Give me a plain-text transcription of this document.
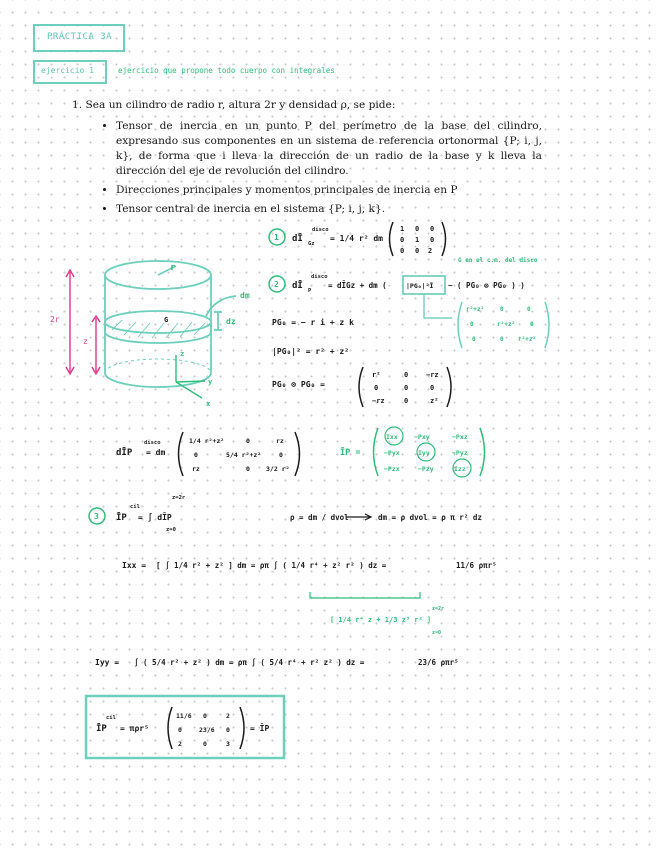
PRÁCTICA 3A
ejercicio 1	ejercicio que propone todo cuerpo con integrales

1. Sea un cilindro de radio r, altura 2r y densidad ρ, se pide:

• Tensor de inercia en un punto P del perímetro de la base del cilindro, expresando sus componentes en un sistema de referencia ortonormal {P; i, j, k}, de forma que i lleva la dirección de un radio de la base y k lleva la dirección del eje de revolución del cilindro.
• Direcciones principales y momentos principales de inercia en P
• Tensor central de inercia en el sistema {P; i, j, k}.
r
2r
z
dz
dm
G
z
y
x
1 dĪ
disco
Gz
= 1/4 r² dm
1 0 0
0 1 0
0 0 2
G en el c.m. del disco
2 dĪ
disco
P
= dĪGz + dm (	|PG₀|²Ī − ( PG₀ ⊗ PG₀ ) )
r²+z²	0	0
0	r²+z² 0
0	0 r²+z²
PG₀ = − r i + z k
|PG₀|² = r² + z²
PG₀ ⊗ PG₀ =
r²	0	−rz
0	0	0
−rz	0	z²
dĪP
disco
= dm
1/4 r²+z²	0	rz
0	5/4 r²+z²	0
rz	0 3/2 r²
ĪP =
Ixx	−Pxy	−Pxz
−Pyx	Iyy	−Pyz
−Pzx	−Pzy	Izz
3 ĪP
cil
= ∫ dĪP
z=2r
z=0
ρ = dm / dvol	dm = ρ dvol = ρ π r² dz
Ixx = [ ∫ 1/4 r² + z² ] dm = ρπ ∫ ( 1/4 r⁴ + z² r² ) dz =	11/6 ρπr⁵
[ 1/4 r⁴ z + 1/3 z³ r² ]
z=2r
z=0
Iyy = ∫ ( 5/4 r² + z² ) dm = ρπ ∫ ( 5/4 r⁴ + r² z² ) dz =	23/6 ρπr⁵
ĪP
cil
= πρr⁵
11/6 0	2
0	23/6 0
2	0	3
= ĪP
